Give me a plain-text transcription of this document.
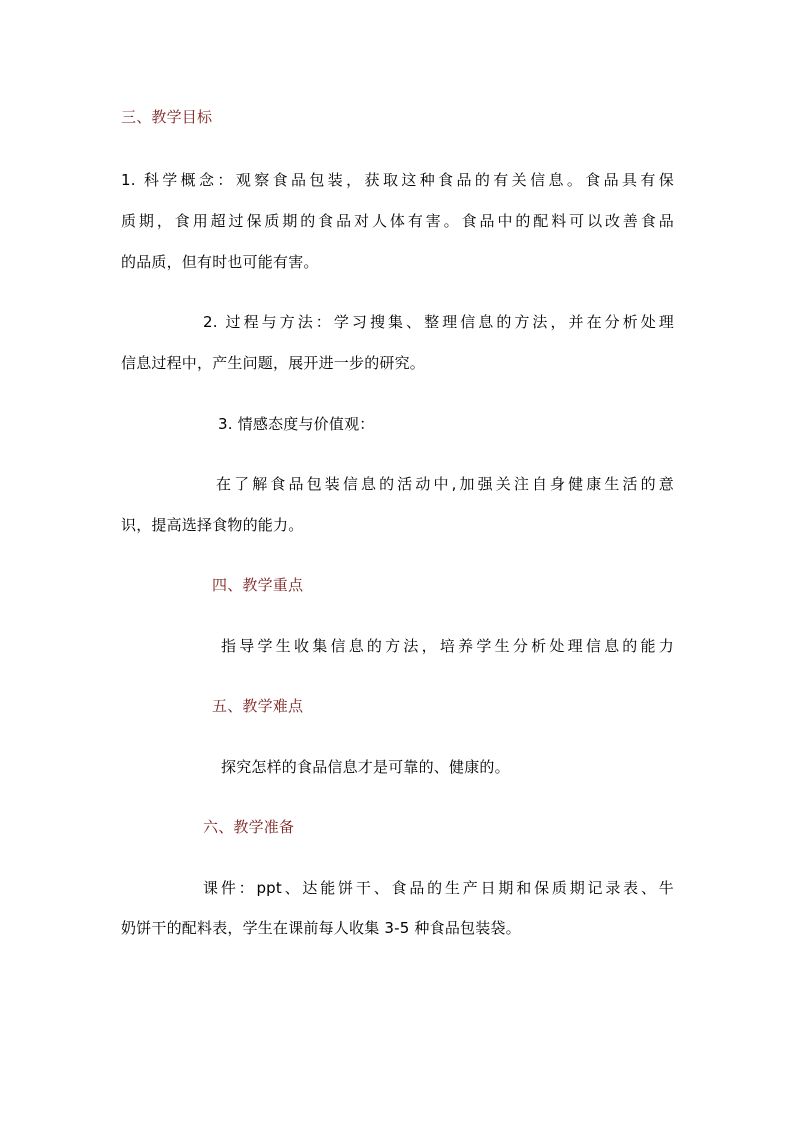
三、教学目标
1. 科学概念：观察食品包装，获取这种食品的有关信息。食品具有保
质期，食用超过保质期的食品对人体有害。食品中的配料可以改善食品
的品质，但有时也可能有害。
2. 过程与方法：学习搜集、整理信息的方法，并在分析处理
信息过程中，产生问题，展开进一步的研究。
3. 情感态度与价值观：
在了解食品包装信息的活动中,加强关注自身健康生活的意
识，提高选择食物的能力。
四、教学重点
指导学生收集信息的方法，培养学生分析处理信息的能力
五、教学难点
探究怎样的食品信息才是可靠的、健康的。
六、教学准备
课件：ppt、达能饼干、食品的生产日期和保质期记录表、牛
奶饼干的配料表，学生在课前每人收集 3-5 种食品包装袋。
